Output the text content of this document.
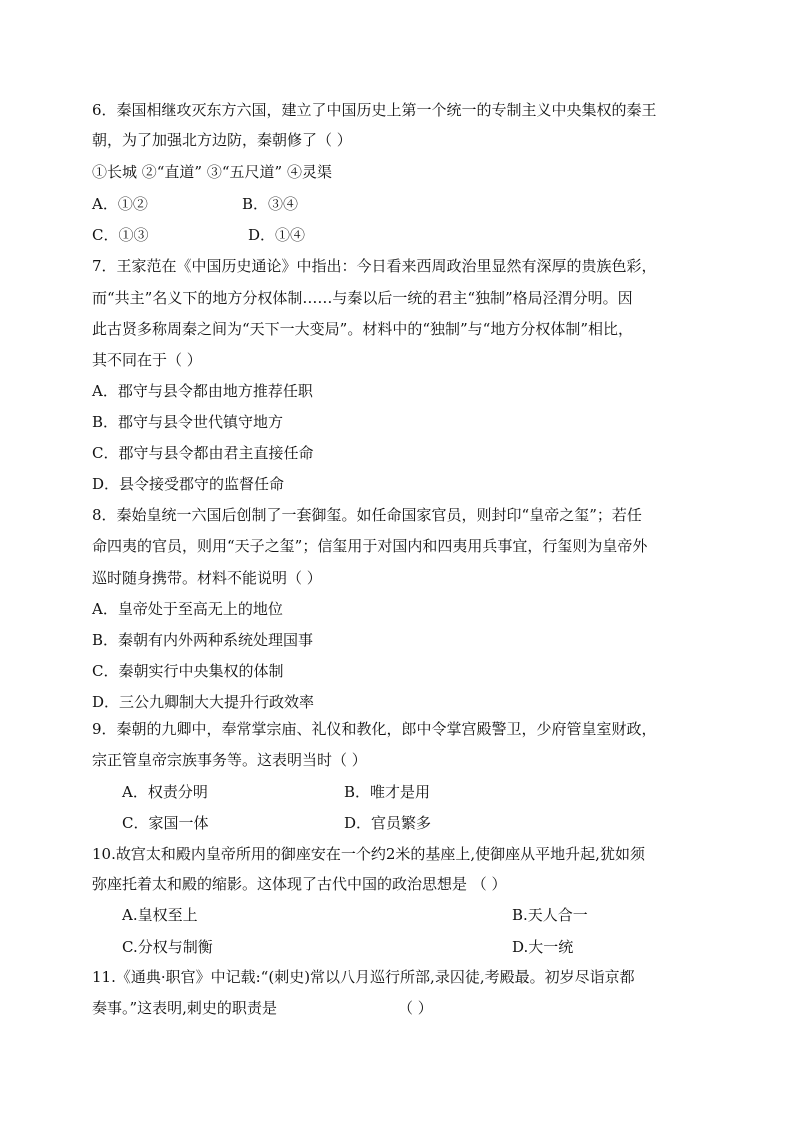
6．秦国相继攻灭东方六国，建立了中国历史上第一个统一的专制主义中央集权的秦王
朝，为了加强北方边防，秦朝修了（ ）
①长城 ②“直道” ③“五尺道” ④灵渠
A．①②	B．③④
C．①③	D．①④
7．王家范在《中国历史通论》中指出：今日看来西周政治里显然有深厚的贵族色彩，
而“共主”名义下的地方分权体制……与秦以后一统的君主“独制”格局泾渭分明。因
此古贤多称周秦之间为“天下一大变局”。材料中的“独制”与“地方分权体制”相比，
其不同在于（ ）
A．郡守与县令都由地方推荐任职
B．郡守与县令世代镇守地方
C．郡守与县令都由君主直接任命
D．县令接受郡守的监督任命
8．秦始皇统一六国后创制了一套御玺。如任命国家官员，则封印“皇帝之玺”；若任
命四夷的官员，则用“天子之玺”；信玺用于对国内和四夷用兵事宜，行玺则为皇帝外
巡时随身携带。材料不能说明（ ）
A．皇帝处于至高无上的地位
B．秦朝有内外两种系统处理国事
C．秦朝实行中央集权的体制
D．三公九卿制大大提升行政效率
9．秦朝的九卿中，奉常掌宗庙、礼仪和教化，郎中令掌宫殿警卫，少府管皇室财政，
宗正管皇帝宗族事务等。这表明当时（ ）
A．权责分明	B．唯才是用
C．家国一体	D．官员繁多
10.故宫太和殿内皇帝所用的御座安在一个约2米的基座上,使御座从平地升起,犹如须
弥座托着太和殿的缩影。这体现了古代中国的政治思想是 （ ）
A.皇权至上	B.天人合一
C.分权与制衡	D.大一统
11.《通典·职官》中记载:“(刺史)常以八月巡行所部,录囚徒,考殿最。初岁尽诣京都
奏事。”这表明,刺史的职责是	（ ）
